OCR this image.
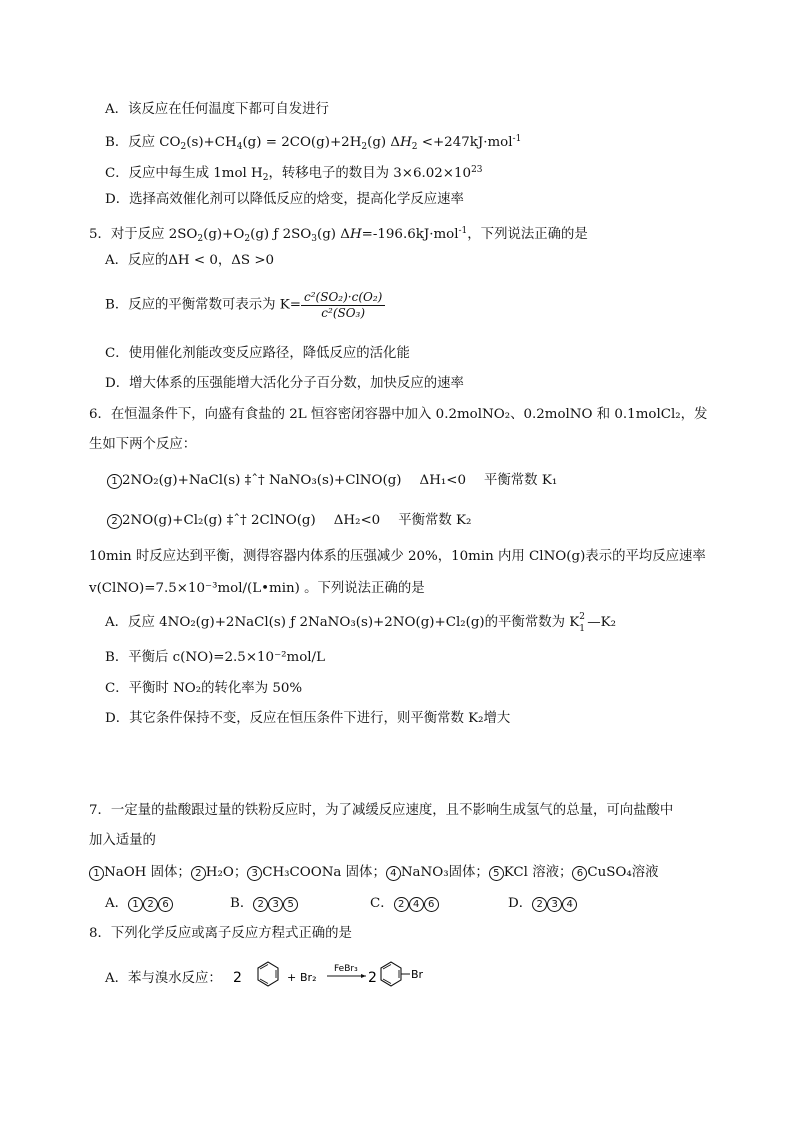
A．该反应在任何温度下都可自发进行
B．反应 $CO_2(s)+CH_4(g) = 2CO(g)+2H_2(g)$ $\Delta H_2 <+247kJ\cdot mol^{-1}$
C．反应中每生成 1mol $H_2$，转移电子的数目为 $3\times 6.02\times 10^{23}$
D．选择高效催化剂可以降低反应的焓变，提高化学反应速率
5．对于反应 $2SO_2(g)+O_2(g)$ ƒ $2SO_3(g)$ ΔH=-196.6kJ·mol$^{-1}$，下列说法正确的是
A．反应的ΔH < 0，ΔS >0
B．反应的平衡常数可表示为 $K= \frac{\text{c²(SO₂)·c(O₂)}}{\text{c²(SO₃)}}$
C．使用催化剂能改变反应路径，降低反应的活化能
D．增大体系的压强能增大活化分子百分数，加快反应的速率
6．在恒温条件下，向盛有食盐的 2L 恒容密闭容器中加入 0.2molNO₂、0.2molNO 和 0.1molCl₂，发
生如下两个反应：
1 2NO₂(g)+NaCl(s) ‡ˆ† NaNO₃(s)+ClNO(g) ΔH₁<0 平衡常数 K₁
2 2NO(g)+Cl₂(g) ‡ˆ† 2ClNO(g) ΔH₂<0 平衡常数 K₂
10min 时反应达到平衡，测得容器内体系的压强减少 20%，10min 内用 ClNO(g)表示的平均反应速率
v(ClNO)=7.5×10⁻³mol/(L•min) 。下列说法正确的是
A．反应 4NO₂(g)+2NaCl(s) ƒ 2NaNO₃(s)+2NO(g)+Cl₂(g)的平衡常数为 K 2
1 —K₂
B．平衡后 c(NO)=2.5×10⁻²mol/L
C．平衡时 NO₂的转化率为 50%
D．其它条件保持不变，反应在恒压条件下进行，则平衡常数 K₂增大
7．一定量的盐酸跟过量的铁粉反应时，为了减缓反应速度，且不影响生成氢气的总量，可向盐酸中
加入适量的
1 NaOH 固体； 2 H₂O； 3 CH₃COONa 固体； 4 NaNO₃固体； 5 KCl 溶液； 6 CuSO₄溶液
A． 1 2 6	B． 2 3 5	C． 2 4 6	D． 2 3 4
8．下列化学反应或离子反应方程式正确的是
A．苯与溴水反应： 2	+ Br₂
FeBr₃
2	Br
